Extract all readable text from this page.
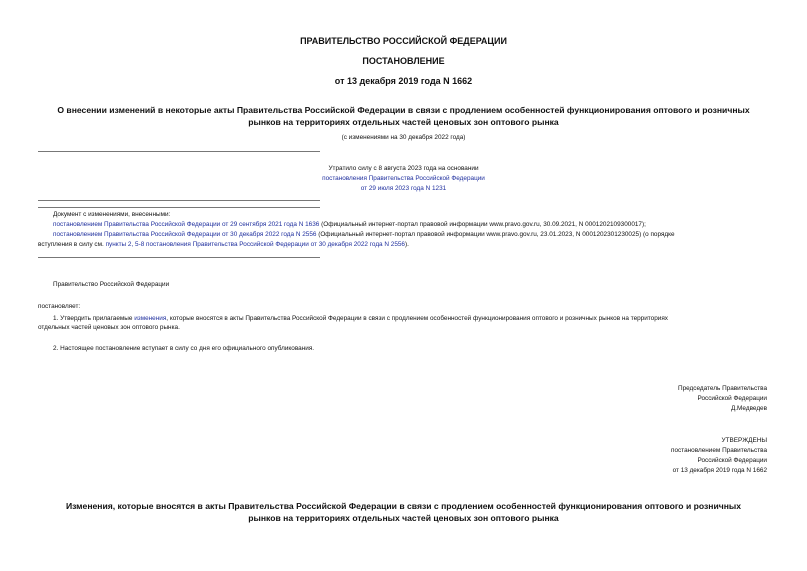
ПРАВИТЕЛЬСТВО РОССИЙСКОЙ ФЕДЕРАЦИИ
ПОСТАНОВЛЕНИЕ
от 13 декабря 2019 года N 1662
О внесении изменений в некоторые акты Правительства Российской Федерации в связи с продлением особенностей функционирования оптового и розничных
рынков на территориях отдельных частей ценовых зон оптового рынка
(с изменениями на 30 декабря 2022 года)
Утратило силу с 8 августа 2023 года на основании
постановления Правительства Российской Федерации
от 29 июля 2023 года N 1231
Документ с изменениями, внесенными:
постановлением Правительства Российской Федерации от 29 сентября 2021 года N 1636 (Официальный интернет-портал правовой информации www.pravo.gov.ru, 30.09.2021, N 0001202109300017);
постановлением Правительства Российской Федерации от 30 декабря 2022 года N 2556 (Официальный интернет-портал правовой информации www.pravo.gov.ru, 23.01.2023, N 0001202301230025) (о порядке
вступления в силу см. пункты 2, 5-8 постановления Правительства Российской Федерации от 30 декабря 2022 года N 2556).
Правительство Российской Федерации
постановляет:
1. Утвердить прилагаемые изменения, которые вносятся в акты Правительства Российской Федерации в связи с продлением особенностей функционирования оптового и розничных рынков на территориях
отдельных частей ценовых зон оптового рынка.
2. Настоящее постановление вступает в силу со дня его официального опубликования.
Председатель Правительства
Российской Федерации
Д.Медведев
УТВЕРЖДЕНЫ
постановлением Правительства
Российской Федерации
от 13 декабря 2019 года N 1662
Изменения, которые вносятся в акты Правительства Российской Федерации в связи с продлением особенностей функционирования оптового и розничных
рынков на территориях отдельных частей ценовых зон оптового рынка
